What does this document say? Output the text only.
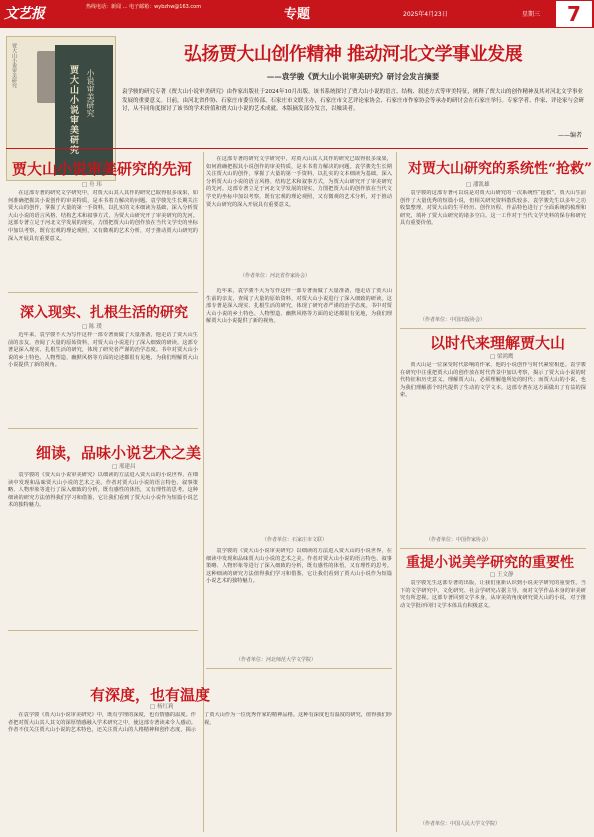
文艺报	热线电话：新闻 … 电子邮箱：wybzhw@163.com	专题	2025年4月23日	星期三	7
贾大山小说审美研究	贾大山小说审美研究 小说审美研究
弘扬贾大山创作精神 推动河北文学事业发展
——袁学骏《贾大山小说审美研究》研讨会发言摘要
袁学骏的研究专著《贾大山小说审美研究》由作家出版社于2024年10月出版。该书系统探讨了贾大山小说的语言、结构、叙述方式等审美特征，阐释了贾大山的创作精神及其对河北文学事业发展的重要意义。日前，由河北省作协、石家庄市委宣传部、石家庄市文联主办，石家庄市文艺评论家协会、石家庄市作家协会等承办的研讨会在石家庄举行。专家学者、作家、评论家与会研讨，从不同角度探讨了该书的学术价值和贾大山小说的艺术成就。本版摘发部分发言，以飨读者。
——编者
贾大山小说审美研究的先河
□ 舟 玮

在这部专著的研究文学研究中，对贾大山其人其作的研究已取得很多成果，如何准确把握其小说创作的审美特质，是本书着力解决的问题。袁学骏先生长期关注贾大山的创作，掌握了大量的第一手资料，以扎实的文本细读为基础，深入分析贾大山小说的语言风格、结构艺术和叙事方式，为贾大山研究开了审美研究的先河。这部专著立足于河北文学发展的现实，力图把贾大山的创作放在当代文学史的坐标中加以考察，既有宏观的理论观照，又有微观的艺术分析，对于推动贾大山研究的深入开展具有重要意义。

在这部专著的研究文学研究中，对贾大山其人其作的研究已取得很多成果，如何准确把握其小说创作的审美特质，是本书着力解决的问题。袁学骏先生长期关注贾大山的创作，掌握了大量的第一手资料，以扎实的文本细读为基础，深入分析贾大山小说的语言风格、结构艺术和叙事方式，为贾大山研究开了审美研究的先河。这部专著立足于河北文学发展的现实，力图把贾大山的创作放在当代文学史的坐标中加以考察，既有宏观的理论观照，又有微观的艺术分析，对于推动贾大山研究的深入开展具有重要意义。

（作者单位：河北省作家协会）
深入现实、扎根生活的研究
□ 陈 璞

近年来，袁学骏不大为写作这样一部专著而做了大量准备，他走访了贾大山生前的亲友，查阅了大量的原始资料，对贾大山小说进行了深入细致的研读。这部专著是深入现实、扎根生活的研究，体现了研究者严谨的治学态度。书中对贾大山小说的乡土特色、人物塑造、幽默风格等方面的论述都很有见地，为我们理解贾大山小说提供了新的视角。

近年来，袁学骏不大为写作这样一部专著而做了大量准备，他走访了贾大山生前的亲友，查阅了大量的原始资料，对贾大山小说进行了深入细致的研读。这部专著是深入现实、扎根生活的研究，体现了研究者严谨的治学态度。书中对贾大山小说的乡土特色、人物塑造、幽默风格等方面的论述都很有见地，为我们理解贾大山小说提供了新的视角。

（作者单位：石家庄市文联）
细读，品味小说艺术之美
□ 邢建昌

袁学骏的《贾大山小说审美研究》以细读的方法进入贾大山的小说世界，在细读中发现和品味贾大山小说的艺术之美。作者对贾大山小说的语言特色、叙事策略、人物形象等进行了深入细致的分析，既有感性的体悟，又有理性的思考。这种细读的研究方法值得我们学习和借鉴，它让我们看到了贾大山小说作为短篇小说艺术的独特魅力。

袁学骏的《贾大山小说审美研究》以细读的方法进入贾大山的小说世界，在细读中发现和品味贾大山小说的艺术之美。作者对贾大山小说的语言特色、叙事策略、人物形象等进行了深入细致的分析，既有感性的体悟，又有理性的思考。这种细读的研究方法值得我们学习和借鉴，它让我们看到了贾大山小说作为短篇小说艺术的独特魅力。

（作者单位：河北师范大学文学院）
有深度，也有温度
□ 杨红莉

在袁学骏《贾大山小说审美研究》中，既有学理的深度，也有情感的温度。作者把对贾大山其人其文的深厚情感融入学术研究之中，使这部专著读来令人感动。作者不仅关注贾大山小说的艺术特色，还关注贾大山的人格精神和创作态度，揭示了贾大山作为一位优秀作家的精神品格。这种有深度也有温度的研究，值得我们珍视。

对贾大山研究的系统性“抢救”
□ 潘凯雄

袁学骏的这部专著可以说是对贾大山研究的一次系统性“抢救”。贾大山生前创作了大量优秀的短篇小说，但相关研究资料散佚较多。袁学骏先生以多年之功收集整理，对贾大山的生平经历、创作历程、作品特色进行了全面系统的梳理和研究，填补了贾大山研究的诸多空白。这一工作对于当代文学史料的保存和研究具有重要价值。

（作者单位：中国出版协会）
以时代来理解贾大山
□ 梁鸿鹰

贾大山是一位深受时代影响的作家，他的小说创作与时代紧密相连。袁学骏在研究中注重把贾大山的创作放在时代背景中加以考察，揭示了贾大山小说的时代特征和历史意义。理解贾大山，必须理解他所处的时代；而贾大山的小说，也为我们理解那个时代提供了生动的文学文本。这部专著在这方面做出了有益的探索。

（作者单位：中国作家协会）
重提小说美学研究的重要性
□ 王文静

袁学骏先生这部专著的出版，让我们重新认识到小说美学研究的重要性。当下的文学研究中，文化研究、社会学研究占据主导，而对文学作品本身的审美研究有所忽视。这部专著回到文学本身，从审美的角度研究贾大山的小说，对于推动文学批评回归文学本体具有积极意义。

（作者单位：中国人民大学文学院）
